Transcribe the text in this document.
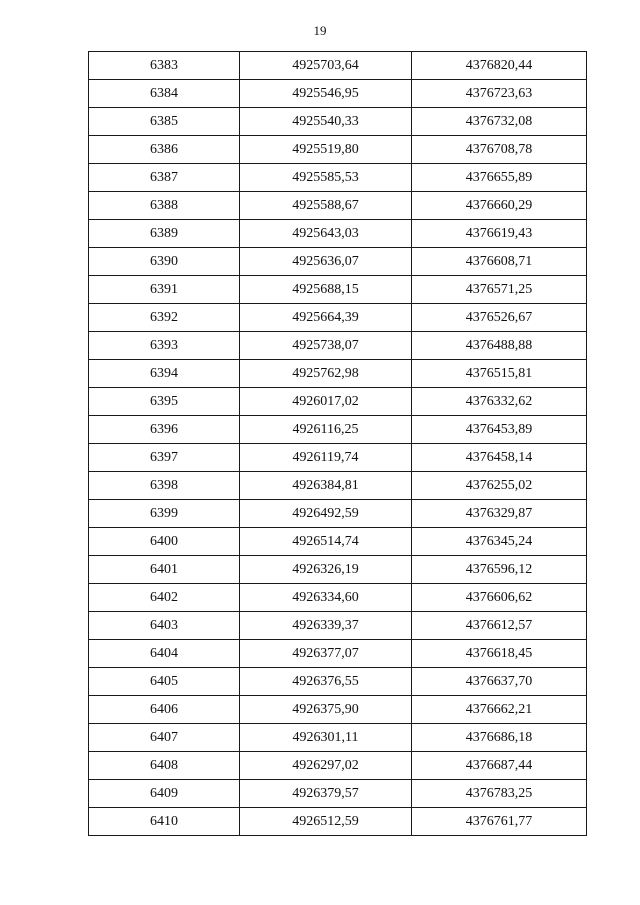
19
6383	4925703,64	4376820,44
6384	4925546,95	4376723,63
6385	4925540,33	4376732,08
6386	4925519,80	4376708,78
6387	4925585,53	4376655,89
6388	4925588,67	4376660,29
6389	4925643,03	4376619,43
6390	4925636,07	4376608,71
6391	4925688,15	4376571,25
6392	4925664,39	4376526,67
6393	4925738,07	4376488,88
6394	4925762,98	4376515,81
6395	4926017,02	4376332,62
6396	4926116,25	4376453,89
6397	4926119,74	4376458,14
6398	4926384,81	4376255,02
6399	4926492,59	4376329,87
6400	4926514,74	4376345,24
6401	4926326,19	4376596,12
6402	4926334,60	4376606,62
6403	4926339,37	4376612,57
6404	4926377,07	4376618,45
6405	4926376,55	4376637,70
6406	4926375,90	4376662,21
6407	4926301,11	4376686,18
6408	4926297,02	4376687,44
6409	4926379,57	4376783,25
6410	4926512,59	4376761,77
